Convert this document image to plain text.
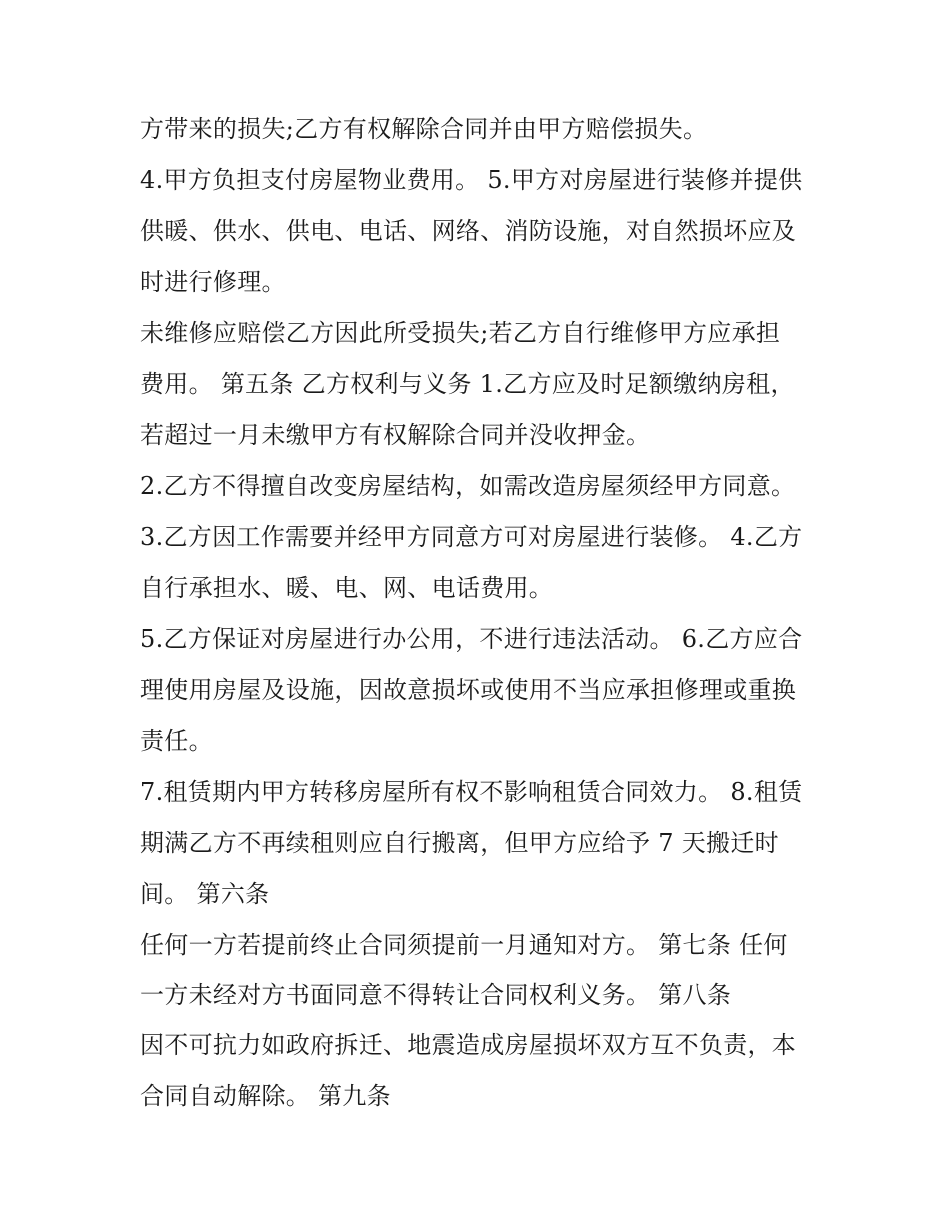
方带来的损失;乙方有权解除合同并由甲方赔偿损失。
4.甲方负担支付房屋物业费用。 5.甲方对房屋进行装修并提供
供暖、供水、供电、电话、网络、消防设施，对自然损坏应及
时进行修理。
未维修应赔偿乙方因此所受损失;若乙方自行维修甲方应承担
费用。 第五条 乙方权利与义务 1.乙方应及时足额缴纳房租，
若超过一月未缴甲方有权解除合同并没收押金。
2.乙方不得擅自改变房屋结构，如需改造房屋须经甲方同意。
3.乙方因工作需要并经甲方同意方可对房屋进行装修。 4.乙方
自行承担水、暖、电、网、电话费用。
5.乙方保证对房屋进行办公用，不进行违法活动。 6.乙方应合
理使用房屋及设施，因故意损坏或使用不当应承担修理或重换
责任。
7.租赁期内甲方转移房屋所有权不影响租赁合同效力。 8.租赁
期满乙方不再续租则应自行搬离，但甲方应给予 7 天搬迁时
间。 第六条
任何一方若提前终止合同须提前一月通知对方。 第七条 任何
一方未经对方书面同意不得转让合同权利义务。 第八条
因不可抗力如政府拆迁、地震造成房屋损坏双方互不负责，本
合同自动解除。 第九条
